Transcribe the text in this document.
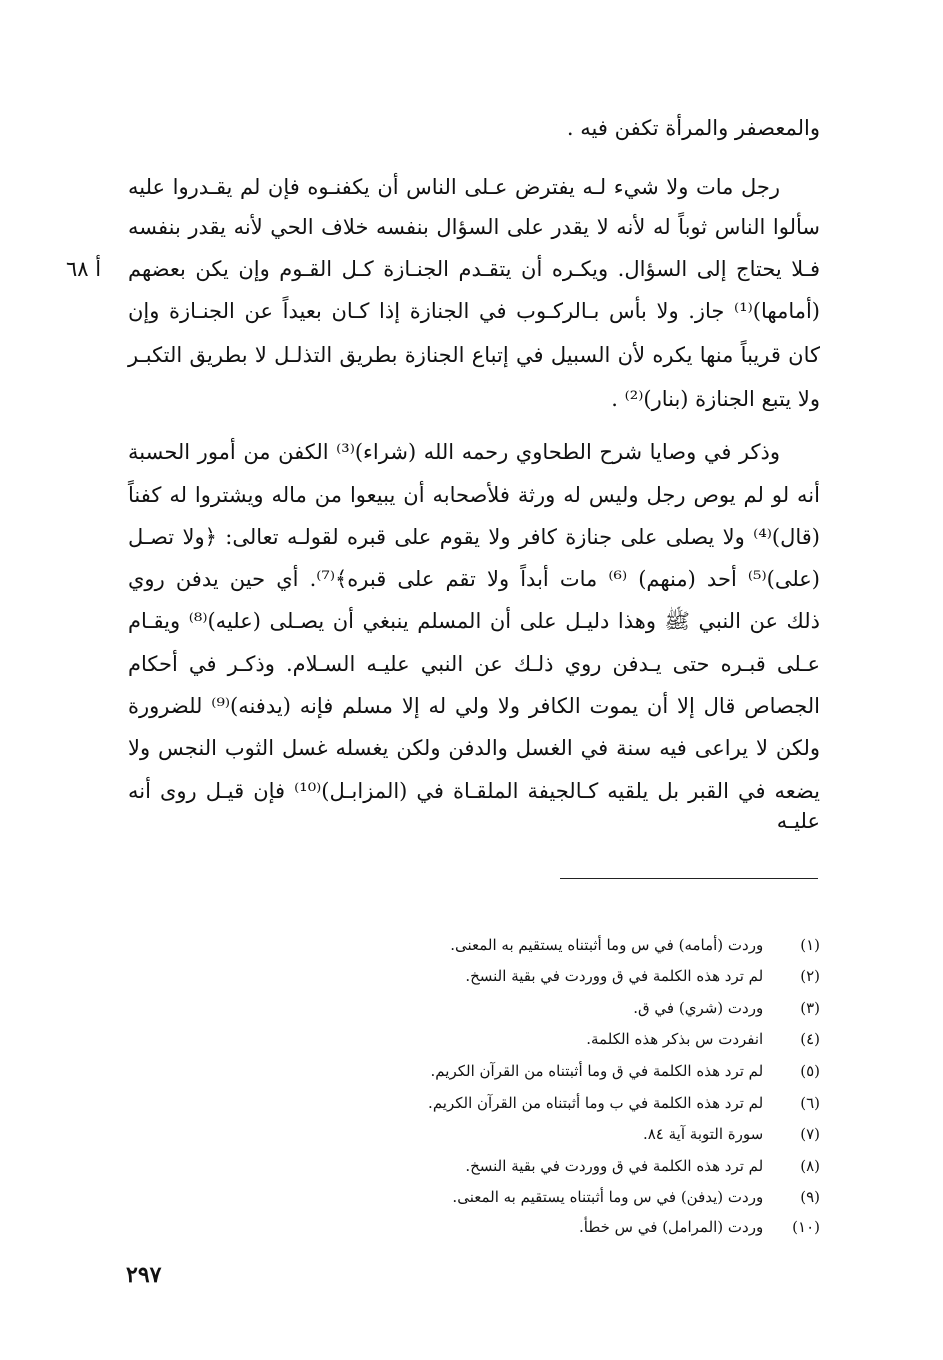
والمعصفر والمرأة تكفن فيه .
رجل مات ولا شيء لـه يفترض عـلى الناس أن يكفنـوه فإن لم يقـدروا عليه
سألوا الناس ثوباً له لأنه لا يقدر على السؤال بنفسه خلاف الحي لأنه يقدر بنفسه
فـلا يحتاج إلى السؤال. ويكـره أن يتقـدم الجنـازة كـل القـوم وإن يكن بعضهم
(أمامها)⁽¹⁾ جاز. ولا بأس بـالركـوب في الجنازة إذا كـان بعيداً عن الجنـازة وإن
كان قريباً منها يكره لأن السبيل في إتباع الجنازة بطريق التذلـل لا بطريق التكبـر
ولا يتبع الجنازة (بنار)⁽²⁾ .
وذكر في وصايا شرح الطحاوي رحمه الله (شراء)⁽³⁾ الكفن من أمور الحسبة
أنه لو لم يوص رجل وليس له ورثة فلأصحابه أن يبيعوا من ماله ويشتروا له كفناً
(قال)⁽⁴⁾ ولا يصلى على جنازة كافر ولا يقوم على قبره لقولـه تعالى: ﴿ولا تصـل
(على)⁽⁵⁾ أحد (منهم) ⁽⁶⁾ مات أبداً ولا تقم على قبره﴾⁽⁷⁾. أي حين يدفن روي
ذلك عن النبي ﷺ وهذا دليـل على أن المسلم ينبغي أن يصـلى (عليه)⁽⁸⁾ ويقـام
عـلى قبـره حتى يـدفن روي ذلـك عن النبي عليـه السـلام. وذكـر في أحكام
الجصاص قال إلا أن يموت الكافر ولا ولي له إلا مسلم فإنه (يدفنه)⁽⁹⁾ للضرورة
ولكن لا يراعى فيه سنة في الغسل والدفن ولكن يغسله غسل الثوب النجس ولا
يضعه في القبر بل يلقيه كـالجيفة الملقـاة في (المزابـل)⁽¹⁰⁾ فإن قيـل روى أنه عليـه
أ ٦٨
(١) وردت (أمامه) في س وما أثبتناه يستقيم به المعنى.
(٢) لم ترد هذه الكلمة في ق ووردت في بقية النسخ.
(٣) وردت (شري) في ق.
(٤) انفردت س بذكر هذه الكلمة.
(٥) لم ترد هذه الكلمة في ق وما أثبتناه من القرآن الكريم.
(٦) لم ترد هذه الكلمة في ب وما أثبتناه من القرآن الكريم.
(٧) سورة التوبة آية ٨٤.
(٨) لم ترد هذه الكلمة في ق ووردت في بقية النسخ.
(٩) وردت (يدفن) في س وما أثبتناه يستقيم به المعنى.
(١٠) وردت (المرامل) في س خطأ.
٢٩٧
